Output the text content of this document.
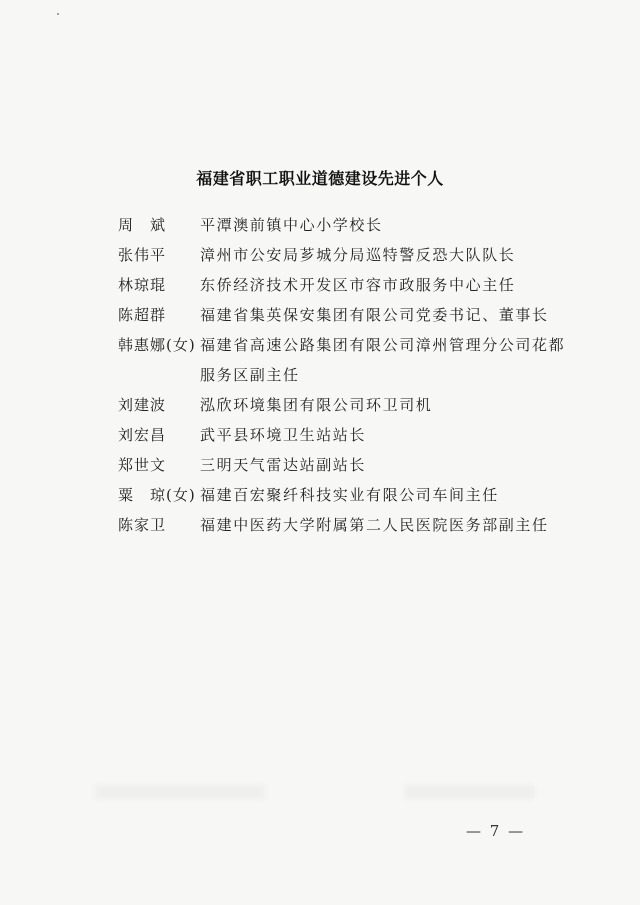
福建省职工职业道德建设先进个人
周　斌	平潭澳前镇中心小学校长
张伟平	漳州市公安局芗城分局巡特警反恐大队队长
林琼琨	东侨经济技术开发区市容市政服务中心主任
陈超群	福建省集英保安集团有限公司党委书记、董事长
韩惠娜(女) 福建省高速公路集团有限公司漳州管理分公司花都服务区副主任
刘建波	泓欣环境集团有限公司环卫司机
刘宏昌	武平县环境卫生站站长
郑世文	三明天气雷达站副站长
粟　琼(女) 福建百宏聚纤科技实业有限公司车间主任
陈家卫	福建中医药大学附属第二人民医院医务部副主任
— 7 —
